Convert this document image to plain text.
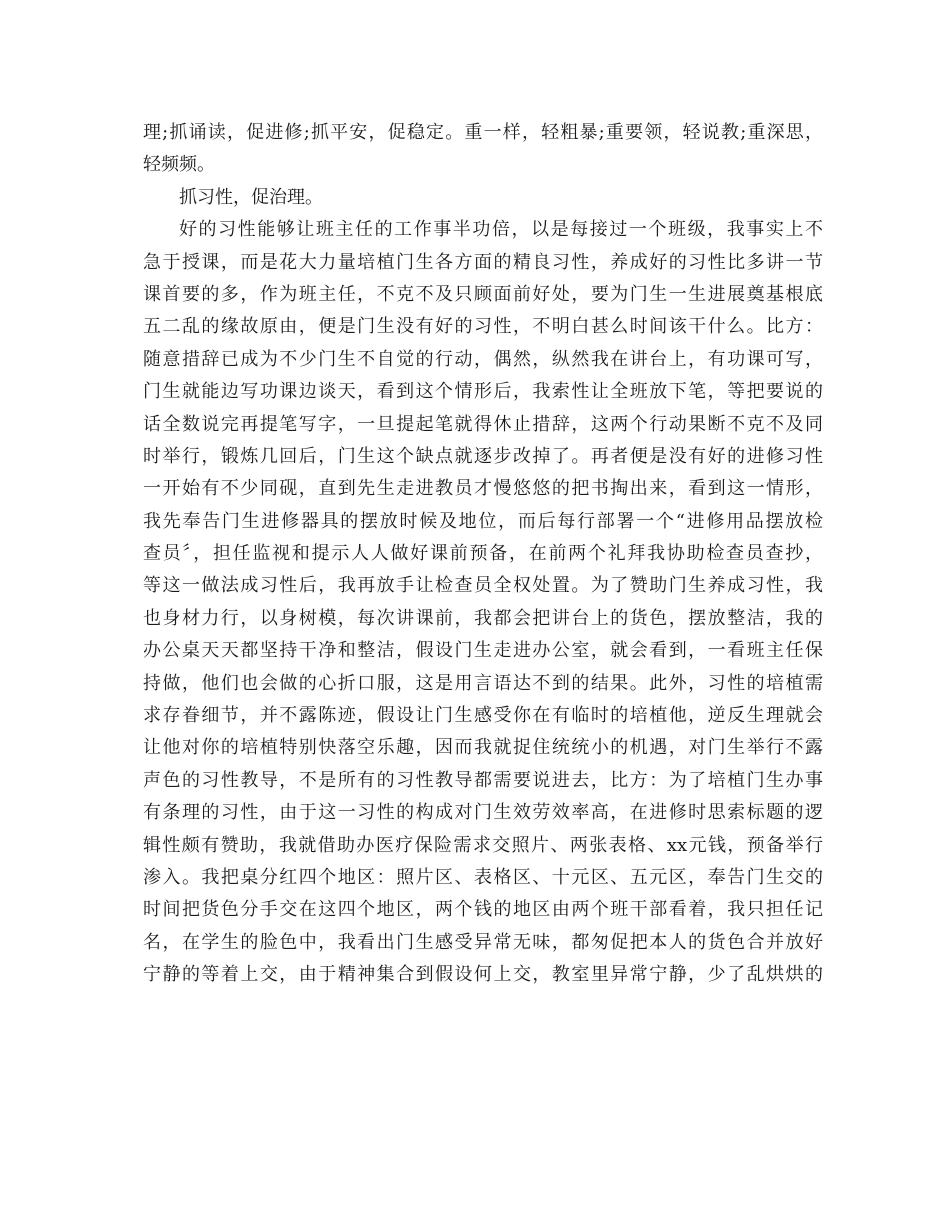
理;抓诵读，促进修;抓平安，促稳定。重一样，轻粗暴;重要领，轻说教;重深思，
轻频频。
抓习性，促治理。
好的习性能够让班主任的工作事半功倍，以是每接过一个班级，我事实上不
急于授课，而是花大力量培植门生各方面的精良习性，养成好的习性比多讲一节
课首要的多，作为班主任，不克不及只顾面前好处，要为门生一生进展奠基根底
五二乱的缘故原由，便是门生没有好的习性，不明白甚么时间该干什么。比方：
随意措辞已成为不少门生不自觉的行动，偶然，纵然我在讲台上，有功课可写，
门生就能边写功课边谈天，看到这个情形后，我索性让全班放下笔，等把要说的
话全数说完再提笔写字，一旦提起笔就得休止措辞，这两个行动果断不克不及同
时举行，锻炼几回后，门生这个缺点就逐步改掉了。再者便是没有好的进修习性
一开始有不少同砚，直到先生走进教员才慢悠悠的把书掏出来，看到这一情形，
我先奉告门生进修器具的摆放时候及地位，而后每行部署一个“进修用品摆放检
查员〞，担任监视和提示人人做好课前预备，在前两个礼拜我协助检查员查抄，
等这一做法成习性后，我再放手让检查员全权处置。为了赞助门生养成习性，我
也身材力行，以身树模，每次讲课前，我都会把讲台上的货色，摆放整洁，我的
办公桌天天都坚持干净和整洁，假设门生走进办公室，就会看到，一看班主任保
持做，他们也会做的心折口服，这是用言语达不到的结果。此外，习性的培植需
求存眷细节，并不露陈迹，假设让门生感受你在有临时的培植他，逆反生理就会
让他对你的培植特别快落空乐趣，因而我就捉住统统小的机遇，对门生举行不露
声色的习性教导，不是所有的习性教导都需要说进去，比方：为了培植门生办事
有条理的习性，由于这一习性的构成对门生效劳效率高，在进修时思索标题的逻
辑性颇有赞助，我就借助办医疗保险需求交照片、两张表格、xx元钱，预备举行
渗入。我把桌分红四个地区：照片区、表格区、十元区、五元区，奉告门生交的
时间把货色分手交在这四个地区，两个钱的地区由两个班干部看着，我只担任记
名，在学生的脸色中，我看出门生感受异常无味，都匆促把本人的货色合并放好
宁静的等着上交，由于精神集合到假设何上交，教室里异常宁静，少了乱烘烘的
